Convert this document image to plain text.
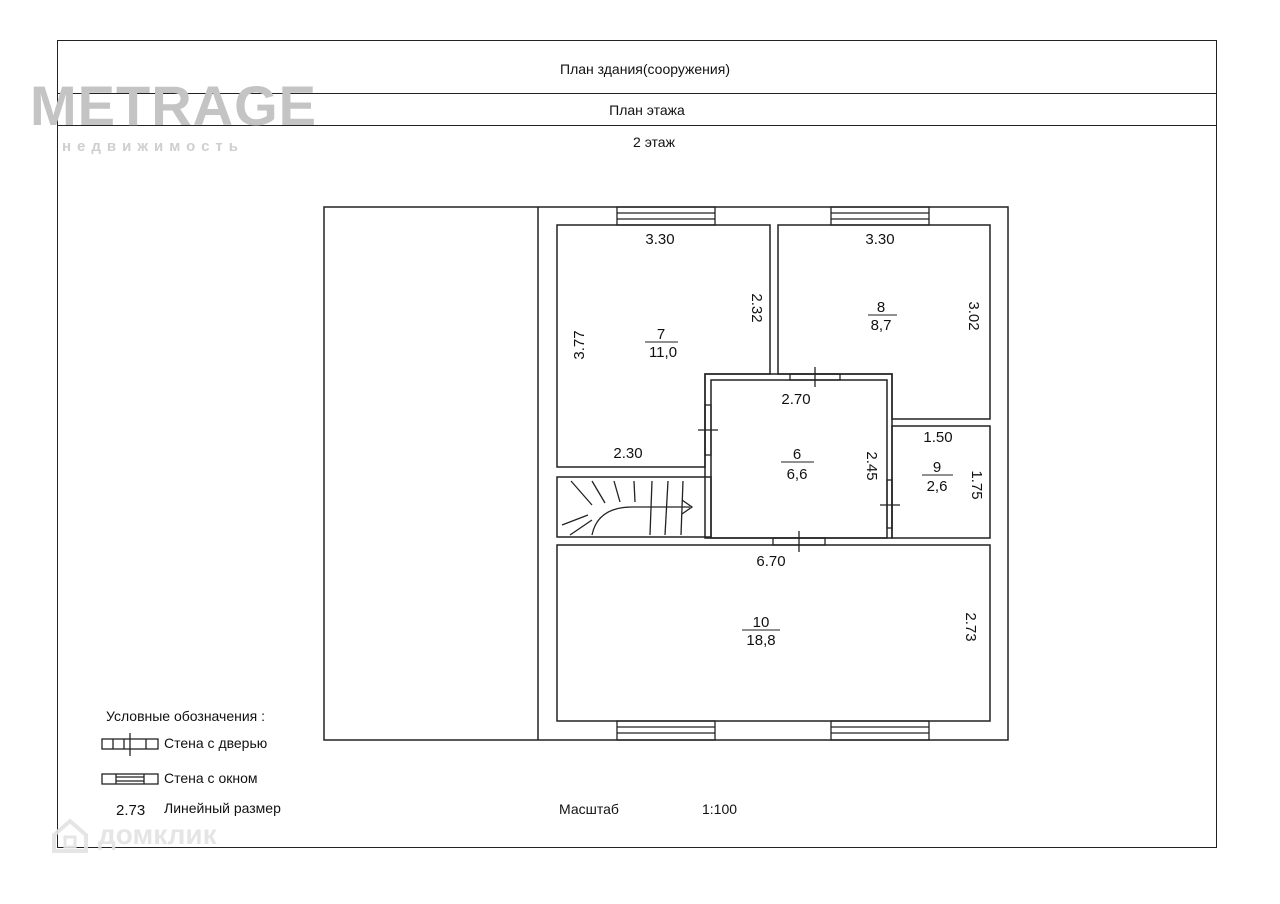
План здания(сооружения)
План этажа
2 этаж
METRAGE
недвижимость
7
11,0
8
8,7
6
6,6	9
2,6
10
18,8
3.30
3.77
2.32
2.30
3.30
3.02
2.70
2.45
1.50
1.75
6.70
2.73
Условные обозначения :
Стена с дверью
Стена с окном
2.73 Линейный размер	Масштаб	1:100
домклик
